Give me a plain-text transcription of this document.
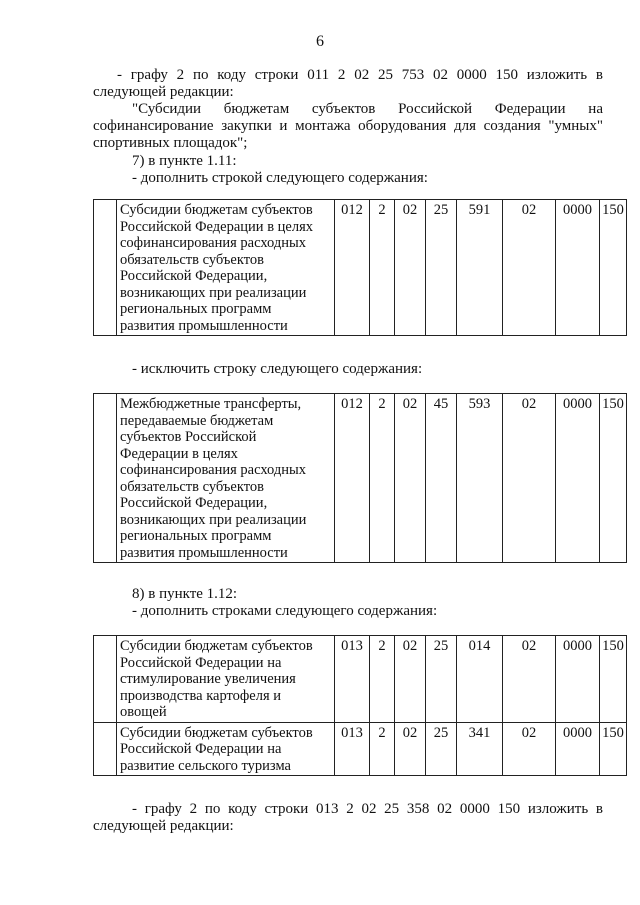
6
- графу 2 по коду строки 011 2 02 25 753 02 0000 150 изложить в
следующей редакции:
"Субсидии бюджетам субъектов Российской Федерации на
софинансирование закупки и монтажа оборудования для создания "умных"
спортивных площадок";
7) в пункте 1.11:
- дополнить строкой следующего содержания:

Субсидии бюджетам субъектов
Российской Федерации в целях
софинансирования расходных
обязательств субъектов
Российской Федерации,
возникающих при реализации
региональных программ
развития промышленности
	012	2	02	25	591	02	0000	150
- исключить строку следующего содержания:

Межбюджетные трансферты,
передаваемые бюджетам
субъектов Российской
Федерации в целях
софинансирования расходных
обязательств субъектов
Российской Федерации,
возникающих при реализации
региональных программ
развития промышленности
	012	2	02	45	593	02	0000	150
8) в пункте 1.12:
- дополнить строками следующего содержания:

	Субсидии бюджетам субъектов
Российской Федерации на
стимулирование увеличения
производства картофеля и
овощей	013	2	02	25	014	02	0000	150

	Субсидии бюджетам субъектов
Российской Федерации на
развитие сельского туризма	013	2	02	25	341	02	0000	150
- графу 2 по коду строки 013 2 02 25 358 02 0000 150 изложить в
следующей редакции:
